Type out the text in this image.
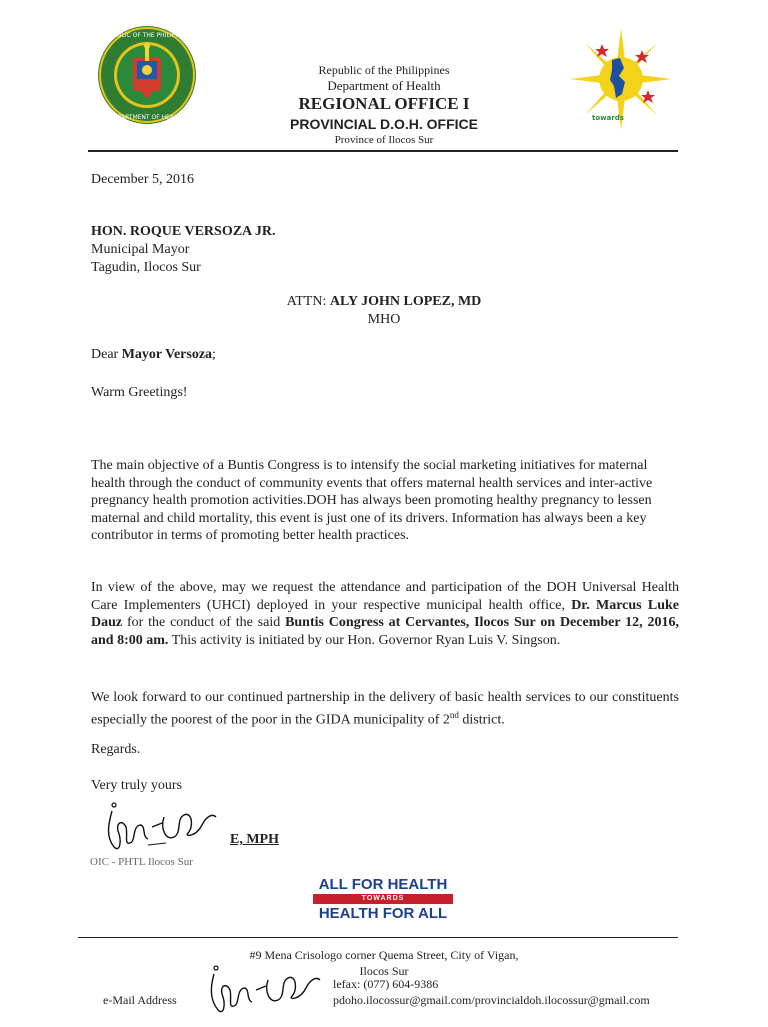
REPUBLIC OF THE PHILIPPINES
DEPARTMENT OF HEALTH	towards
Republic of the Philippines
Department of Health
REGIONAL OFFICE I
PROVINCIAL D.O.H. OFFICE
Province of Ilocos Sur
December 5, 2016
HON. ROQUE VERSOZA JR.
Municipal Mayor
Tagudin, Ilocos Sur
ATTN: ALY JOHN LOPEZ, MD
MHO
Dear Mayor Versoza;
Warm Greetings!
The main objective of a Buntis Congress is to intensify the social marketing initiatives for maternal health through the conduct of community events that offers maternal health services and inter-active pregnancy health promotion activities.DOH has always been promoting healthy pregnancy to lessen maternal and child mortality, this event is just one of its drivers. Information has always been a key contributor in terms of promoting better health practices.
In view of the above, may we request the attendance and participation of the DOH Universal Health Care Implementers (UHCI) deployed in your respective municipal health office, Dr. Marcus Luke Dauz for the conduct of the said Buntis Congress at Cervantes, Ilocos Sur on December 12, 2016, and 8:00 am. This activity is initiated by our Hon. Governor Ryan Luis V. Singson.
We look forward to our continued partnership in the delivery of basic health services to our constituents especially the poorest of the poor in the GIDA municipality of 2nd district.
Regards.
Very truly yours
E, MPH
OIC - PHTL Ilocos Sur
ALL FOR HEALTH
TOWARDS
HEALTH FOR ALL
#9 Mena Crisologo corner Quema Street, City of Vigan,
Ilocos Sur
lefax: (077) 604-9386
e-Mail Address	pdoho.ilocossur@gmail.com/provincialdoh.ilocossur@gmail.com
